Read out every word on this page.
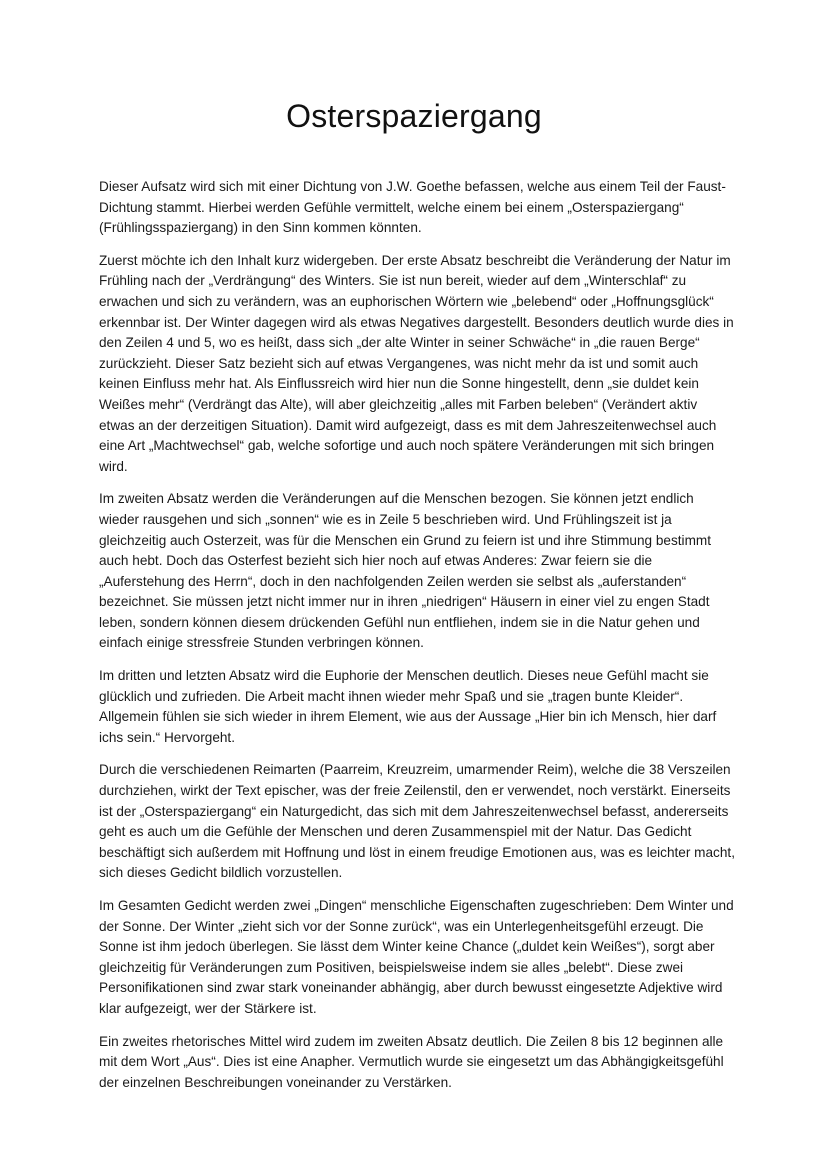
Osterspaziergang

Dieser Aufsatz wird sich mit einer Dichtung von J.W. Goethe befassen, welche aus einem Teil der Faust-Dichtung stammt. Hierbei werden Gefühle vermittelt, welche einem bei einem „Osterspaziergang“ (Frühlingsspaziergang) in den Sinn kommen könnten.

Zuerst möchte ich den Inhalt kurz widergeben. Der erste Absatz beschreibt die Veränderung der Natur im Frühling nach der „Verdrängung“ des Winters. Sie ist nun bereit, wieder auf dem „Winterschlaf“ zu erwachen und sich zu verändern, was an euphorischen Wörtern wie „belebend“ oder „Hoffnungsglück“ erkennbar ist. Der Winter dagegen wird als etwas Negatives dargestellt. Besonders deutlich wurde dies in den Zeilen 4 und 5, wo es heißt, dass sich „der alte Winter in seiner Schwäche“ in „die rauen Berge“ zurückzieht. Dieser Satz bezieht sich auf etwas Vergangenes, was nicht mehr da ist und somit auch keinen Einfluss mehr hat. Als Einflussreich wird hier nun die Sonne hingestellt, denn „sie duldet kein Weißes mehr“ (Verdrängt das Alte), will aber gleichzeitig „alles mit Farben beleben“ (Verändert aktiv etwas an der derzeitigen Situation). Damit wird aufgezeigt, dass es mit dem Jahreszeitenwechsel auch eine Art „Machtwechsel“ gab, welche sofortige und auch noch spätere Veränderungen mit sich bringen wird.

Im zweiten Absatz werden die Veränderungen auf die Menschen bezogen. Sie können jetzt endlich wieder rausgehen und sich „sonnen“ wie es in Zeile 5 beschrieben wird. Und Frühlingszeit ist ja gleichzeitig auch Osterzeit, was für die Menschen ein Grund zu feiern ist und ihre Stimmung bestimmt auch hebt. Doch das Osterfest bezieht sich hier noch auf etwas Anderes: Zwar feiern sie die „Auferstehung des Herrn“, doch in den nachfolgenden Zeilen werden sie selbst als „auferstanden“ bezeichnet. Sie müssen jetzt nicht immer nur in ihren „niedrigen“ Häusern in einer viel zu engen Stadt leben, sondern können diesem drückenden Gefühl nun entfliehen, indem sie in die Natur gehen und einfach einige stressfreie Stunden verbringen können.

Im dritten und letzten Absatz wird die Euphorie der Menschen deutlich. Dieses neue Gefühl macht sie glücklich und zufrieden. Die Arbeit macht ihnen wieder mehr Spaß und sie „tragen bunte Kleider“. Allgemein fühlen sie sich wieder in ihrem Element, wie aus der Aussage „Hier bin ich Mensch, hier darf ichs sein.“ Hervorgeht.

Durch die verschiedenen Reimarten (Paarreim, Kreuzreim, umarmender Reim), welche die 38 Verszeilen durchziehen, wirkt der Text epischer, was der freie Zeilenstil, den er verwendet, noch verstärkt. Einerseits ist der „Osterspaziergang“ ein Naturgedicht, das sich mit dem Jahreszeitenwechsel befasst, andererseits geht es auch um die Gefühle der Menschen und deren Zusammenspiel mit der Natur. Das Gedicht beschäftigt sich außerdem mit Hoffnung und löst in einem freudige Emotionen aus, was es leichter macht, sich dieses Gedicht bildlich vorzustellen.

Im Gesamten Gedicht werden zwei „Dingen“ menschliche Eigenschaften zugeschrieben: Dem Winter und der Sonne. Der Winter „zieht sich vor der Sonne zurück“, was ein Unterlegenheitsgefühl erzeugt. Die Sonne ist ihm jedoch überlegen. Sie lässt dem Winter keine Chance („duldet kein Weißes“), sorgt aber gleichzeitig für Veränderungen zum Positiven, beispielsweise indem sie alles „belebt“. Diese zwei Personifikationen sind zwar stark voneinander abhängig, aber durch bewusst eingesetzte Adjektive wird klar aufgezeigt, wer der Stärkere ist.

Ein zweites rhetorisches Mittel wird zudem im zweiten Absatz deutlich. Die Zeilen 8 bis 12 beginnen alle mit dem Wort „Aus“. Dies ist eine Anapher. Vermutlich wurde sie eingesetzt um das Abhängigkeitsgefühl der einzelnen Beschreibungen voneinander zu Verstärken.
